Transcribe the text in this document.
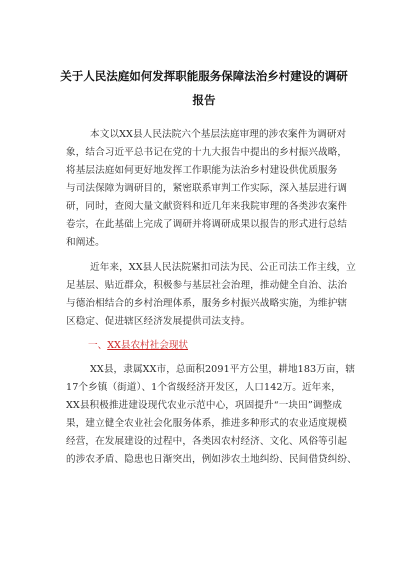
关于人民法庭如何发挥职能服务保障法治乡村建设的调研
报告
本文以XX县人民法院六个基层法庭审理的涉农案件为调研对
象，结合习近平总书记在党的十九大报告中提出的乡村振兴战略，
将基层法庭如何更好地发挥工作职能为法治乡村建设供优质服务
与司法保障为调研目的，紧密联系审判工作实际，深入基层进行调
研，同时，查阅大量文献资料和近几年来我院审理的各类涉农案件
卷宗，在此基础上完成了调研并将调研成果以报告的形式进行总结
和阐述。
近年来，XX县人民法院紧扣司法为民、公正司法工作主线，立
足基层、贴近群众，积极参与基层社会治理，推动健全自治、法治
与德治相结合的乡村治理体系，服务乡村振兴战略实施，为维护辖
区稳定、促进辖区经济发展提供司法支持。
一、XX县农村社会现状
XX县，隶属XX市，总面积2091平方公里，耕地183万亩，辖
17个乡镇（街道）、1个省级经济开发区，人口142万。近年来，
XX县积极推进建设现代农业示范中心，巩固提升“一块田”调整成
果，建立健全农业社会化服务体系，推进多种形式的农业适度规模
经营，在发展建设的过程中，各类因农村经济、文化、风俗等引起
的涉农矛盾、隐患也日渐突出，例如涉农土地纠纷、民间借贷纠纷、
